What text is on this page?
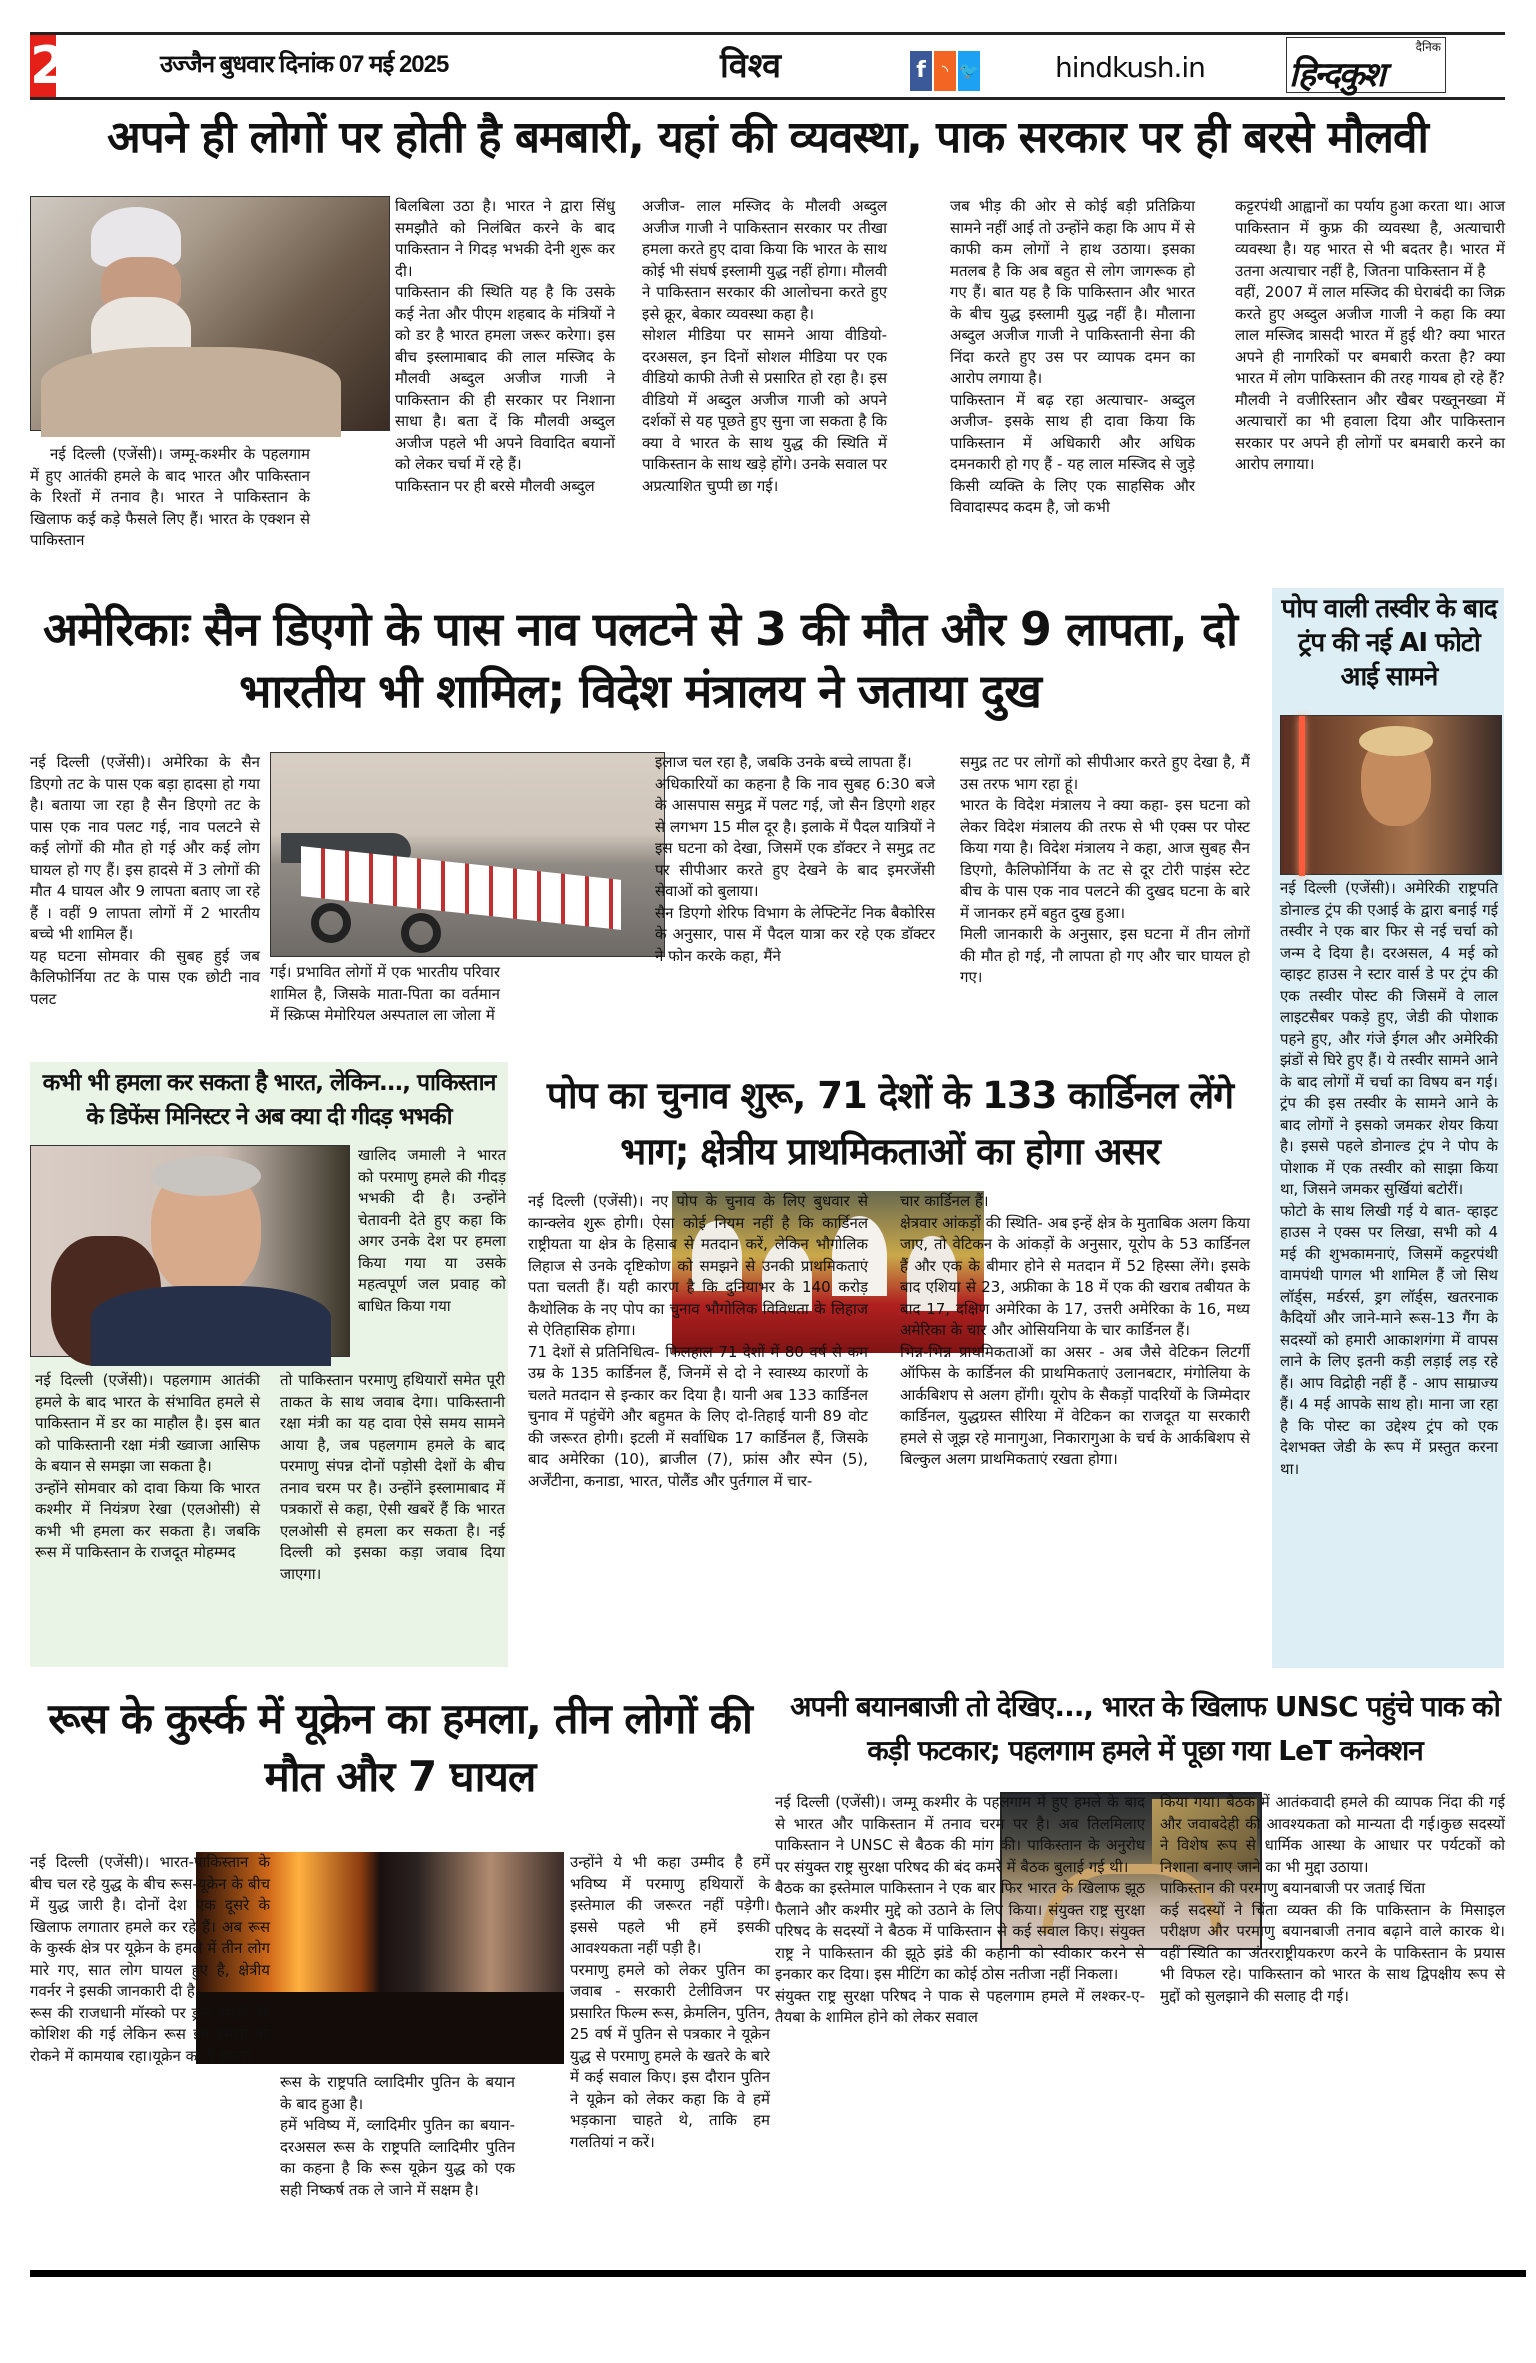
2	उज्जैन बुधवार दिनांक 07 मई 2025	विश्व	f	◝ 🐦	hindkush.in
दैनिक
हिन्दकुश
अपने ही लोगों पर होती है बमबारी, यहां की व्यवस्था, पाक सरकार पर ही बरसे मौलवी
नई दिल्ली (एजेंसी)। जम्मू-कश्मीर के पहलगाम में हुए आतंकी हमले के बाद भारत और पाकिस्तान के रिश्तों में तनाव है। भारत ने पाकिस्तान के खिलाफ कई कड़े फैसले लिए हैं। भारत के एक्शन से पाकिस्तान
बिलबिला उठा है। भारत ने द्वारा सिंधु समझौते को निलंबित करने के बाद पाकिस्तान ने गिदड़ भभकी देनी शुरू कर दी।
पाकिस्तान की स्थिति यह है कि उसके कई नेता और पीएम शहबाद के मंत्रियों ने को डर है भारत हमला जरूर करेगा। इस बीच इस्लामाबाद की लाल मस्जिद के मौलवी अब्दुल अजीज गाजी ने पाकिस्तान की ही सरकार पर निशाना साधा है। बता दें कि मौलवी अब्दुल अजीज पहले भी अपने विवादित बयानों को लेकर चर्चा में रहे हैं।
पाकिस्तान पर ही बरसे मौलवी अब्दुल
अजीज- लाल मस्जिद के मौलवी अब्दुल अजीज गाजी ने पाकिस्तान सरकार पर तीखा हमला करते हुए दावा किया कि भारत के साथ कोई भी संघर्ष इस्लामी युद्ध नहीं होगा। मौलवी ने पाकिस्तान सरकार की आलोचना करते हुए इसे क्रूर, बेकार व्यवस्था कहा है।
सोशल मीडिया पर सामने आया वीडियो- दरअसल, इन दिनों सोशल मीडिया पर एक वीडियो काफी तेजी से प्रसारित हो रहा है। इस वीडियो में अब्दुल अजीज गाजी को अपने दर्शकों से यह पूछते हुए सुना जा सकता है कि क्या वे भारत के साथ युद्ध की स्थिति में पाकिस्तान के साथ खड़े होंगे। उनके सवाल पर अप्रत्याशित चुप्पी छा गई।
जब भीड़ की ओर से कोई बड़ी प्रतिक्रिया सामने नहीं आई तो उन्होंने कहा कि आप में से काफी कम लोगों ने हाथ उठाया। इसका मतलब है कि अब बहुत से लोग जागरूक हो गए हैं। बात यह है कि पाकिस्तान और भारत के बीच युद्ध इस्लामी युद्ध नहीं है। मौलाना अब्दुल अजीज गाजी ने पाकिस्तानी सेना की निंदा करते हुए उस पर व्यापक दमन का आरोप लगाया है।
पाकिस्तान में बढ़ रहा अत्याचार- अब्दुल अजीज- इसके साथ ही दावा किया कि पाकिस्तान में अधिकारी और अधिक दमनकारी हो गए हैं - यह लाल मस्जिद से जुड़े किसी व्यक्ति के लिए एक साहसिक और विवादास्पद कदम है, जो कभी
कट्टरपंथी आह्वानों का पर्याय हुआ करता था। आज पाकिस्तान में कुफ्र की व्यवस्था है, अत्याचारी व्यवस्था है। यह भारत से भी बदतर है। भारत में उतना अत्याचार नहीं है, जितना पाकिस्तान में है
वहीं, 2007 में लाल मस्जिद की घेराबंदी का जिक्र करते हुए अब्दुल अजीज गाजी ने कहा कि क्या लाल मस्जिद त्रासदी भारत में हुई थी? क्या भारत अपने ही नागरिकों पर बमबारी करता है? क्या भारत में लोग पाकिस्तान की तरह गायब हो रहे हैं? मौलवी ने वजीरिस्तान और खैबर पख्तूनख्वा में अत्याचारों का भी हवाला दिया और पाकिस्तान सरकार पर अपने ही लोगों पर बमबारी करने का आरोप लगाया।
अमेरिकाः सैन डिएगो के पास नाव पलटने से 3 की मौत और 9 लापता, दो भारतीय भी शामिल; विदेश मंत्रालय ने जताया दुख
नई दिल्ली (एजेंसी)। अमेरिका के सैन डिएगो तट के पास एक बड़ा हादसा हो गया है। बताया जा रहा है सैन डिएगो तट के पास एक नाव पलट गई, नाव पलटने से कई लोगों की मौत हो गई और कई लोग घायल हो गए हैं। इस हादसे में 3 लोगों की मौत 4 घायल और 9 लापता बताए जा रहे हैं । वहीं 9 लापता लोगों में 2 भारतीय बच्चे भी शामिल हैं।
यह घटना सोमवार की सुबह हुई जब कैलिफोर्निया तट के पास एक छोटी नाव पलट
गई। प्रभावित लोगों में एक भारतीय परिवार शामिल है, जिसके माता-पिता का वर्तमान में स्क्रिप्स मेमोरियल अस्पताल ला जोला में
इलाज चल रहा है, जबकि उनके बच्चे लापता हैं।
अधिकारियों का कहना है कि नाव सुबह 6:30 बजे के आसपास समुद्र में पलट गई, जो सैन डिएगो शहर से लगभग 15 मील दूर है। इलाके में पैदल यात्रियों ने इस घटना को देखा, जिसमें एक डॉक्टर ने समुद्र तट पर सीपीआर करते हुए देखने के बाद इमरजेंसी सेवाओं को बुलाया।
सैन डिएगो शेरिफ विभाग के लेफ्टिनेंट निक बैकोरिस के अनुसार, पास में पैदल यात्रा कर रहे एक डॉक्टर ने फोन करके कहा, मैंने
समुद्र तट पर लोगों को सीपीआर करते हुए देखा है, मैं उस तरफ भाग रहा हूं।
भारत के विदेश मंत्रालय ने क्या कहा- इस घटना को लेकर विदेश मंत्रालय की तरफ से भी एक्स पर पोस्ट किया गया है। विदेश मंत्रालय ने कहा, आज सुबह सैन डिएगो, कैलिफोर्निया के तट से दूर टोरी पाइंस स्टेट बीच के पास एक नाव पलटने की दुखद घटना के बारे में जानकर हमें बहुत दुख हुआ।
मिली जानकारी के अनुसार, इस घटना में तीन लोगों की मौत हो गई, नौ लापता हो गए और चार घायल हो गए।
पोप वाली तस्वीर के बाद ट्रंप की नई AI फोटो आई सामने
नई दिल्ली (एजेंसी)। अमेरिकी राष्ट्रपति डोनाल्ड ट्रंप की एआई के द्वारा बनाई गई तस्वीर ने एक बार फिर से नई चर्चा को जन्म दे दिया है। दरअसल, 4 मई को व्हाइट हाउस ने स्टार वार्स डे पर ट्रंप की एक तस्वीर पोस्ट की जिसमें वे लाल लाइटसैबर पकड़े हुए, जेडी की पोशाक पहने हुए, और गंजे ईगल और अमेरिकी झंडों से घिरे हुए हैं। ये तस्वीर सामने आने के बाद लोगों में चर्चा का विषय बन गई। ट्रंप की इस तस्वीर के सामने आने के बाद लोगों ने इसको जमकर शेयर किया है। इससे पहले डोनाल्ड ट्रंप ने पोप के पोशाक में एक तस्वीर को साझा किया था, जिसने जमकर सुर्खियां बटोरीं।
फोटो के साथ लिखी गई ये बात- व्हाइट हाउस ने एक्स पर लिखा, सभी को 4 मई की शुभकामनाएं, जिसमें कट्टरपंथी वामपंथी पागल भी शामिल हैं जो सिथ लॉर्ड्स, मर्डरर्स, ड्रग लॉर्ड्स, खतरनाक कैदियों और जाने-माने रूस-13 गैंग के सदस्यों को हमारी आकाशगंगा में वापस लाने के लिए इतनी कड़ी लड़ाई लड़ रहे हैं। आप विद्रोही नहीं हैं - आप साम्राज्य हैं। 4 मई आपके साथ हो। माना जा रहा है कि पोस्ट का उद्देश्य ट्रंप को एक देशभक्त जेडी के रूप में प्रस्तुत करना था।
कभी भी हमला कर सकता है भारत, लेकिन..., पाकिस्तान के डिफेंस मिनिस्टर ने अब क्या दी गीदड़ भभकी
खालिद जमाली ने भारत को परमाणु हमले की गीदड़ भभकी दी है। उन्होंने चेतावनी देते हुए कहा कि अगर उनके देश पर हमला किया गया या उसके महत्वपूर्ण जल प्रवाह को बाधित किया गया
नई दिल्ली (एजेंसी)। पहलगाम आतंकी हमले के बाद भारत के संभावित हमले से पाकिस्तान में डर का माहौल है। इस बात को पाकिस्तानी रक्षा मंत्री ख्वाजा आसिफ के बयान से समझा जा सकता है।
उन्होंने सोमवार को दावा किया कि भारत कश्मीर में नियंत्रण रेखा (एलओसी) से कभी भी हमला कर सकता है। जबकि रूस में पाकिस्तान के राजदूत मोहम्मद
तो पाकिस्तान परमाणु हथियारों समेत पूरी ताकत के साथ जवाब देगा। पाकिस्तानी रक्षा मंत्री का यह दावा ऐसे समय सामने आया है, जब पहलगाम हमले के बाद परमाणु संपन्न दोनों पड़ोसी देशों के बीच तनाव चरम पर है। उन्होंने इस्लामाबाद में पत्रकारों से कहा, ऐसी खबरें हैं कि भारत एलओसी से हमला कर सकता है। नई दिल्ली को इसका कड़ा जवाब दिया जाएगा।
पोप का चुनाव शुरू, 71 देशों के 133 कार्डिनल लेंगे भाग; क्षेत्रीय प्राथमिकताओं का होगा असर
नई दिल्ली (एजेंसी)। नए पोप के चुनाव के लिए बुधवार से कान्क्लेव शुरू होगी। ऐसा कोई नियम नहीं है कि कार्डिनल राष्ट्रीयता या क्षेत्र के हिसाब से मतदान करें, लेकिन भौगोलिक लिहाज से उनके दृष्टिकोण को समझने से उनकी प्राथमिकताएं पता चलती हैं। यही कारण है कि दुनियाभर के 140 करोड़ कैथोलिक के नए पोप का चुनाव भौगोलिक विविधता के लिहाज से ऐतिहासिक होगा।
71 देशों से प्रतिनिधित्व- फिलहाल 71 देशों में 80 वर्ष से कम उम्र के 135 कार्डिनल हैं, जिनमें से दो ने स्वास्थ्य कारणों के चलते मतदान से इन्कार कर दिया है। यानी अब 133 कार्डिनल चुनाव में पहुंचेंगे और बहुमत के लिए दो-तिहाई यानी 89 वोट की जरूरत होगी। इटली में सर्वाधिक 17 कार्डिनल हैं, जिसके बाद अमेरिका (10), ब्राजील (7), फ्रांस और स्पेन (5), अर्जेंटीना, कनाडा, भारत, पोलैंड और पुर्तगाल में चार-
चार कार्डिनल हैं।
क्षेत्रवार आंकड़ों की स्थिति- अब इन्हें क्षेत्र के मुताबिक अलग किया जाए, तो वेटिकन के आंकड़ों के अनुसार, यूरोप के 53 कार्डिनल हैं और एक के बीमार होने से मतदान में 52 हिस्सा लेंगे। इसके बाद एशिया से 23, अफ्रीका के 18 में एक की खराब तबीयत के बाद 17, दक्षिण अमेरिका के 17, उत्तरी अमेरिका के 16, मध्य अमेरिका के चार और ओसियनिया के चार कार्डिनल हैं।
भिन्न-भिन्न प्राथमिकताओं का असर - अब जैसे वेटिकन लिटर्गी ऑफिस के कार्डिनल की प्राथमिकताएं उलानबटार, मंगोलिया के आर्कबिशप से अलग होंगी। यूरोप के सैकड़ों पादरियों के जिम्मेदार कार्डिनल, युद्धग्रस्त सीरिया में वेटिकन का राजदूत या सरकारी हमले से जूझ रहे मानागुआ, निकारागुआ के चर्च के आर्कबिशप से बिल्कुल अलग प्राथमिकताएं रखता होगा।
रूस के कुर्स्क में यूक्रेन का हमला, तीन लोगों की मौत और 7 घायल
नई दिल्ली (एजेंसी)। भारत-पाकिस्तान के बीच चल रहे युद्ध के बीच रूस-यूक्रेन के बीच में युद्ध जारी है। दोनों देश एक दूसरे के खिलाफ लगातार हमले कर रहे हैं। अब रूस के कुर्स्क क्षेत्र पर यूक्रेन के हमले में तीन लोग मारे गए, सात लोग घायल हुए है, क्षेत्रीय गवर्नर ने इसकी जानकारी दी है।
रूस की राजधानी मॉस्को पर ड्रोन हमलों की कोशिश की गई लेकिन रूस इन हमलों को रोकने में कामयाब रहा।यूक्रेन का ये हमला
रूस के राष्ट्रपति व्लादिमीर पुतिन के बयान के बाद हुआ है।
हमें भविष्य में, व्लादिमीर पुतिन का बयान- दरअसल रूस के राष्ट्रपति व्लादिमीर पुतिन का कहना है कि रूस यूक्रेन युद्ध को एक सही निष्कर्ष तक ले जाने में सक्षम है।
उन्होंने ये भी कहा उम्मीद है हमें भविष्य में परमाणु हथियारों के इस्तेमाल की जरूरत नहीं पड़ेगी। इससे पहले भी हमें इसकी आवश्यकता नहीं पड़ी है।
परमाणु हमले को लेकर पुतिन का जवाब - सरकारी टेलीविजन पर प्रसारित फिल्म रूस, क्रेमलिन, पुतिन, 25 वर्ष में पुतिन से पत्रकार ने यूक्रेन युद्ध से परमाणु हमले के खतरे के बारे में कई सवाल किए। इस दौरान पुतिन ने यूक्रेन को लेकर कहा कि वे हमें भड़काना चाहते थे, ताकि हम गलतियां न करें।
अपनी बयानबाजी तो देखिए..., भारत के खिलाफ UNSC पहुंचे पाक को कड़ी फटकार; पहलगाम हमले में पूछा गया LeT कनेक्शन
नई दिल्ली (एजेंसी)। जम्मू कश्मीर के पहलगाम में हुए हमले के बाद से भारत और पाकिस्तान में तनाव चरम पर है। अब तिलमिलाए पाकिस्तान ने UNSC से बैठक की मांग की। पाकिस्तान के अनुरोध पर संयुक्त राष्ट्र सुरक्षा परिषद की बंद कमरे में बैठक बुलाई गई थी।
बैठक का इस्तेमाल पाकिस्तान ने एक बार फिर भारत के खिलाफ झूठ फैलाने और कश्मीर मुद्दे को उठाने के लिए किया। संयुक्त राष्ट्र सुरक्षा परिषद के सदस्यों ने बैठक में पाकिस्तान से कई सवाल किए। संयुक्त राष्ट्र ने पाकिस्तान की झूठे झंडे की कहानी को स्वीकार करने से इनकार कर दिया। इस मीटिंग का कोई ठोस नतीजा नहीं निकला।
संयुक्त राष्ट्र सुरक्षा परिषद ने पाक से पहलगाम हमले में लश्कर-ए-तैयबा के शामिल होने को लेकर सवाल
किया गया। बैठक में आतंकवादी हमले की व्यापक निंदा की गई और जवाबदेही की आवश्यकता को मान्यता दी गई।कुछ सदस्यों ने विशेष रूप से धार्मिक आस्था के आधार पर पर्यटकों को निशाना बनाए जाने का भी मुद्दा उठाया।
पाकिस्तान की परमाणु बयानबाजी पर जताई चिंता
कई सदस्यों ने चिंता व्यक्त की कि पाकिस्तान के मिसाइल परीक्षण और परमाणु बयानबाजी तनाव बढ़ाने वाले कारक थे। वहीं स्थिति का अंतरराष्ट्रीयकरण करने के पाकिस्तान के प्रयास भी विफल रहे। पाकिस्तान को भारत के साथ द्विपक्षीय रूप से मुद्दों को सुलझाने की सलाह दी गई।
